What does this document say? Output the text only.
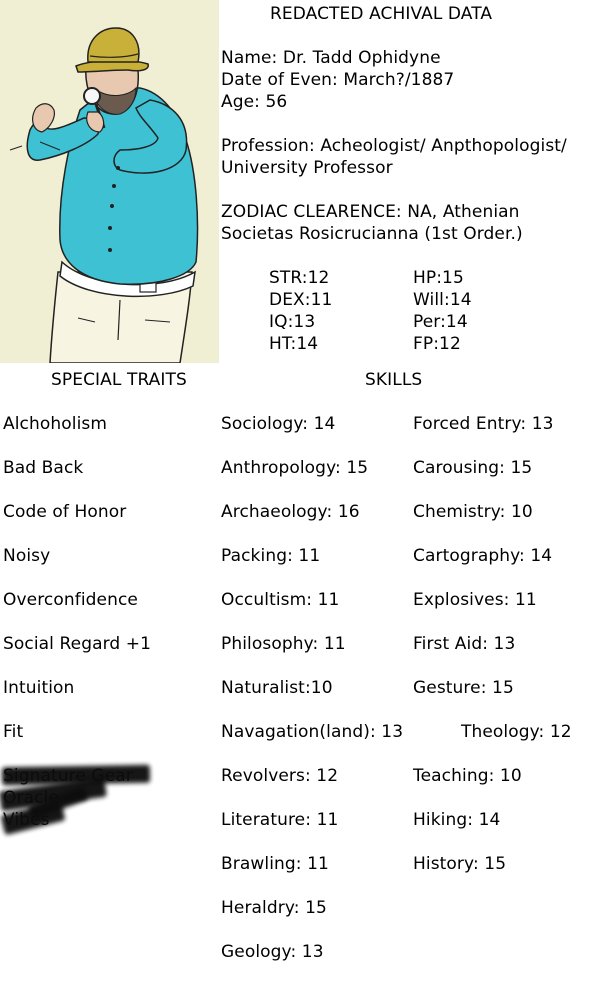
REDACTED ACHIVAL DATA
Name: Dr. Tadd Ophidyne
Date of Even: March?/1887
Age: 56
Profession: Acheologist/ Anpthopologist/
University Professor
ZODIAC CLEARENCE: NA, Athenian
Societas Rosicrucianna (1st Order.)
STR:12
DEX:11
IQ:13
HT:14
HP:15
Will:14
Per:14
FP:12
SPECIAL TRAITS	SKILLS
Alchoholism
Bad Back
Code of Honor
Noisy
Overconfidence
Social Regard +1
Intuition
Fit
Sociology: 14
Anthropology: 15
Archaeology: 16
Packing: 11
Occultism: 11
Philosophy: 11
Naturalist:10
Navagation(land): 13
Revolvers: 12
Literature: 11
Brawling: 11
Heraldry: 15
Geology: 13
Forced Entry: 13
Carousing: 15
Chemistry: 10
Cartography: 14
Explosives: 11
First Aid: 13
Gesture: 15
Theology: 12
Teaching: 10
Hiking: 14
History: 15
